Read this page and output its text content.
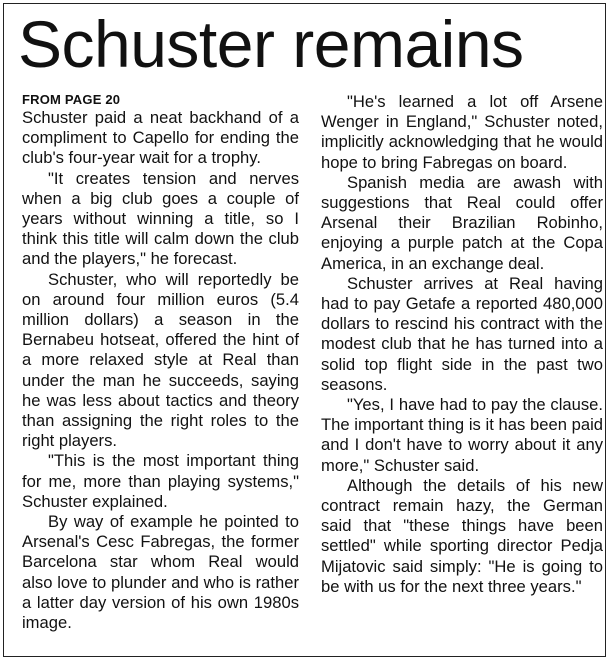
Schuster remains
FROM PAGE 20

Schuster paid a neat backhand of a compliment to Capello for ending the club's four-year wait for a trophy.

"It creates tension and nerves when a big club goes a couple of years without winning a title, so I think this title will calm down the club and the players," he forecast.

Schuster, who will reportedly be on around four million euros (5.4 million dollars) a season in the Bernabeu hotseat, offered the hint of a more relaxed style at Real than under the man he succeeds, saying he was less about tactics and theory than assigning the right roles to the right players.

"This is the most important thing for me, more than playing systems," Schuster explained.

By way of example he pointed to Arsenal's Cesc Fabregas, the former Barcelona star whom Real would also love to plunder and who is rather a latter day version of his own 1980s image.

"He's learned a lot off Arsene Wenger in England," Schuster noted, implicitly acknowledging that he would hope to bring Fabregas on board.

Spanish media are awash with suggestions that Real could offer Arsenal their Brazilian Robinho, enjoying a purple patch at the Copa America, in an exchange deal.

Schuster arrives at Real having had to pay Getafe a reported 480,000 dollars to rescind his contract with the modest club that he has turned into a solid top flight side in the past two seasons.

"Yes, I have had to pay the clause. The important thing is it has been paid and I don't have to worry about it any more," Schuster said.

Although the details of his new contract remain hazy, the German said that "these things have been settled" while sporting director Pedja Mijatovic said simply: "He is going to be with us for the next three years."
